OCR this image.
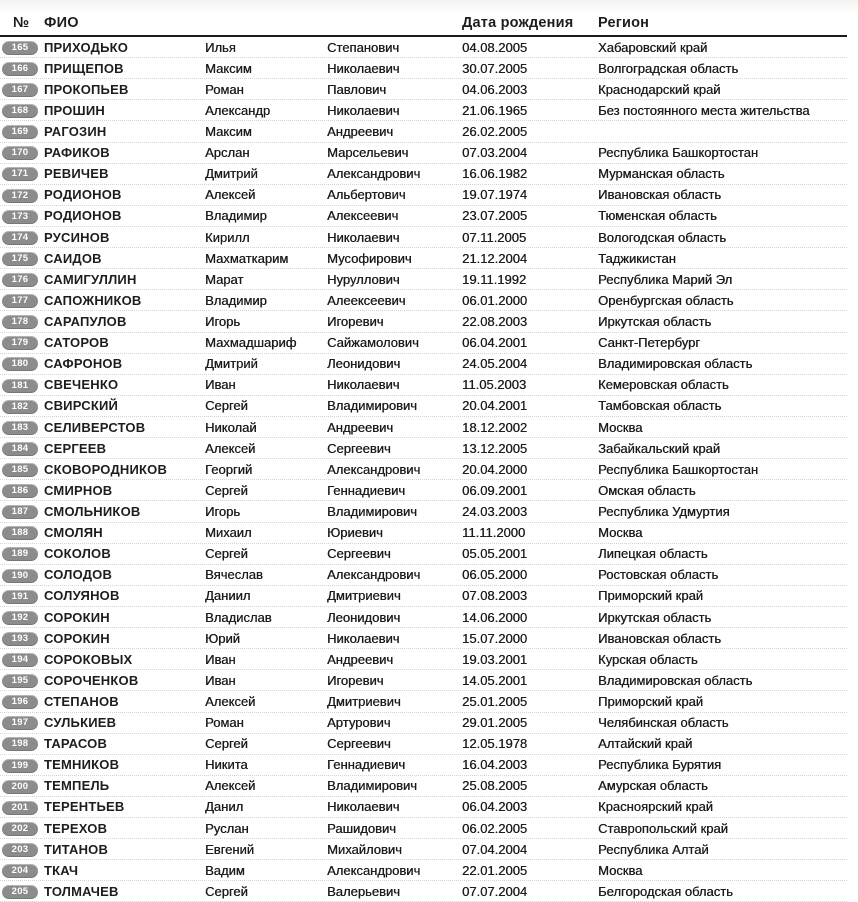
№	ФИО	Дата рождения	Регион
165	ПРИХОДЬКО	Илья	Степанович	04.08.2005	Хабаровский край
166	ПРИЩЕПОВ	Максим	Николаевич	30.07.2005	Волгоградская область
167	ПРОКОПЬЕВ	Роман	Павлович	04.06.2003	Краснодарский край
168	ПРОШИН	Александр	Николаевич	21.06.1965	Без постоянного места жительства
169	РАГОЗИН	Максим	Андреевич	26.02.2005
170	РАФИКОВ	Арслан	Марсельевич	07.03.2004	Республика Башкортостан
171	РЕВИЧЕВ	Дмитрий	Александрович	16.06.1982	Мурманская область
172	РОДИОНОВ	Алексей	Альбертович	19.07.1974	Ивановская область
173	РОДИОНОВ	Владимир	Алексеевич	23.07.2005	Тюменская область
174	РУСИНОВ	Кирилл	Николаевич	07.11.2005	Вологодская область
175	САИДОВ	Махматкарим	Мусофирович	21.12.2004	Таджикистан
176	САМИГУЛЛИН	Марат	Нуруллович	19.11.1992	Республика Марий Эл
177	САПОЖНИКОВ	Владимир	Алеексеевич	06.01.2000	Оренбургская область
178	САРАПУЛОВ	Игорь	Игоревич	22.08.2003	Иркутская область
179	САТОРОВ	Махмадшариф	Сайжамолович	06.04.2001	Санкт-Петербург
180	САФРОНОВ	Дмитрий	Леонидович	24.05.2004	Владимировская область
181	СВЕЧЕНКО	Иван	Николаевич	11.05.2003	Кемеровская область
182	СВИРСКИЙ	Сергей	Владимирович	20.04.2001	Тамбовская область
183	СЕЛИВЕРСТОВ	Николай	Андреевич	18.12.2002	Москва
184	СЕРГЕЕВ	Алексей	Сергеевич	13.12.2005	Забайкальский край
185	СКОВОРОДНИКОВ	Георгий	Александрович	20.04.2000	Республика Башкортостан
186	СМИРНОВ	Сергей	Геннадиевич	06.09.2001	Омская область
187	СМОЛЬНИКОВ	Игорь	Владимирович	24.03.2003	Республика Удмуртия
188	СМОЛЯН	Михаил	Юриевич	11.11.2000	Москва
189	СОКОЛОВ	Сергей	Сергеевич	05.05.2001	Липецкая область
190	СОЛОДОВ	Вячеслав	Александрович	06.05.2000	Ростовская область
191	СОЛУЯНОВ	Даниил	Дмитриевич	07.08.2003	Приморский край
192	СОРОКИН	Владислав	Леонидович	14.06.2000	Иркутская область
193	СОРОКИН	Юрий	Николаевич	15.07.2000	Ивановская область
194	СОРОКОВЫХ	Иван	Андреевич	19.03.2001	Курская область
195	СОРОЧЕНКОВ	Иван	Игоревич	14.05.2001	Владимировская область
196	СТЕПАНОВ	Алексей	Дмитриевич	25.01.2005	Приморский край
197	СУЛЬКИЕВ	Роман	Артурович	29.01.2005	Челябинская область
198	ТАРАСОВ	Сергей	Сергеевич	12.05.1978	Алтайский край
199	ТЕМНИКОВ	Никита	Геннадиевич	16.04.2003	Республика Бурятия
200	ТЕМПЕЛЬ	Алексей	Владимирович	25.08.2005	Амурская область
201	ТЕРЕНТЬЕВ	Данил	Николаевич	06.04.2003	Красноярский край
202	ТЕРЕХОВ	Руслан	Рашидович	06.02.2005	Ставропольский край
203	ТИТАНОВ	Евгений	Михайлович	07.04.2004	Республика Алтай
204	ТКАЧ	Вадим	Александрович	22.01.2005	Москва
205	ТОЛМАЧЕВ	Сергей	Валерьевич	07.07.2004	Белгородская область
